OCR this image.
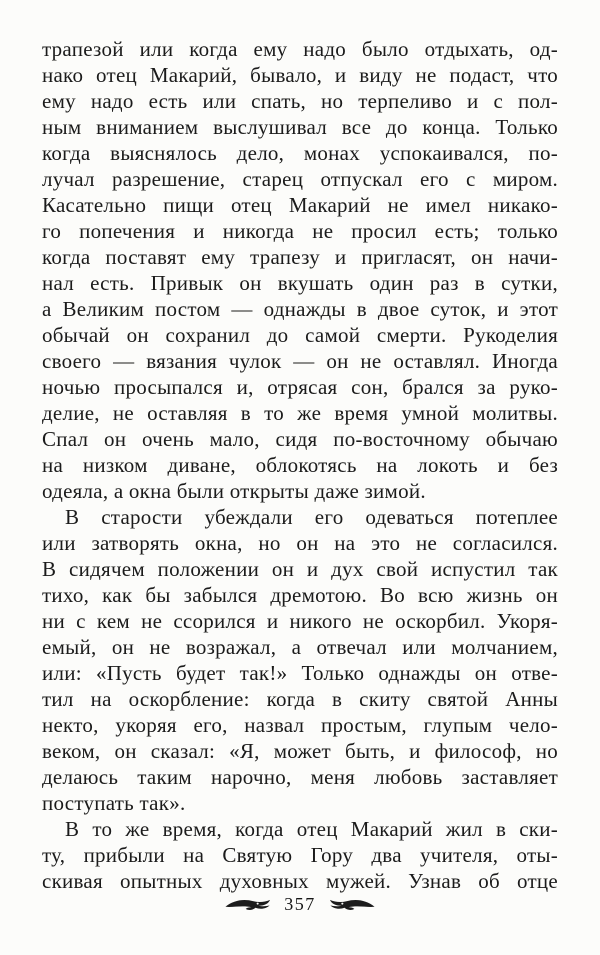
трапезой или когда ему надо было отдыхать, од-
нако отец Макарий, бывало, и виду не подаст, что
ему надо есть или спать, но терпеливо и с пол-
ным вниманием выслушивал все до конца. Только
когда выяснялось дело, монах успокаивался, по-
лучал разрешение, старец отпускал его с миром.
Касательно пищи отец Макарий не имел никако-
го попечения и никогда не просил есть; только
когда поставят ему трапезу и пригласят, он начи-
нал есть. Привык он вкушать один раз в сутки,
а Великим постом — однажды в двое суток, и этот
обычай он сохранил до самой смерти. Рукоделия
своего — вязания чулок — он не оставлял. Иногда
ночью просыпался и, отрясая сон, брался за руко-
делие, не оставляя в то же время умной молитвы.
Спал он очень мало, сидя по-восточному обычаю
на низком диване, облокотясь на локоть и без
одеяла, а окна были открыты даже зимой.
В старости убеждали его одеваться потеплее
или затворять окна, но он на это не согласился.
В сидячем положении он и дух свой испустил так
тихо, как бы забылся дремотою. Во всю жизнь он
ни с кем не ссорился и никого не оскорбил. Укоря-
емый, он не возражал, а отвечал или молчанием,
или: «Пусть будет так!» Только однажды он отве-
тил на оскорбление: когда в скиту святой Анны
некто, укоряя его, назвал простым, глупым чело-
веком, он сказал: «Я, может быть, и философ, но
делаюсь таким нарочно, меня любовь заставляет
поступать так».
В то же время, когда отец Макарий жил в ски-
ту, прибыли на Святую Гору два учителя, оты-
скивая опытных духовных мужей. Узнав об отце
357
